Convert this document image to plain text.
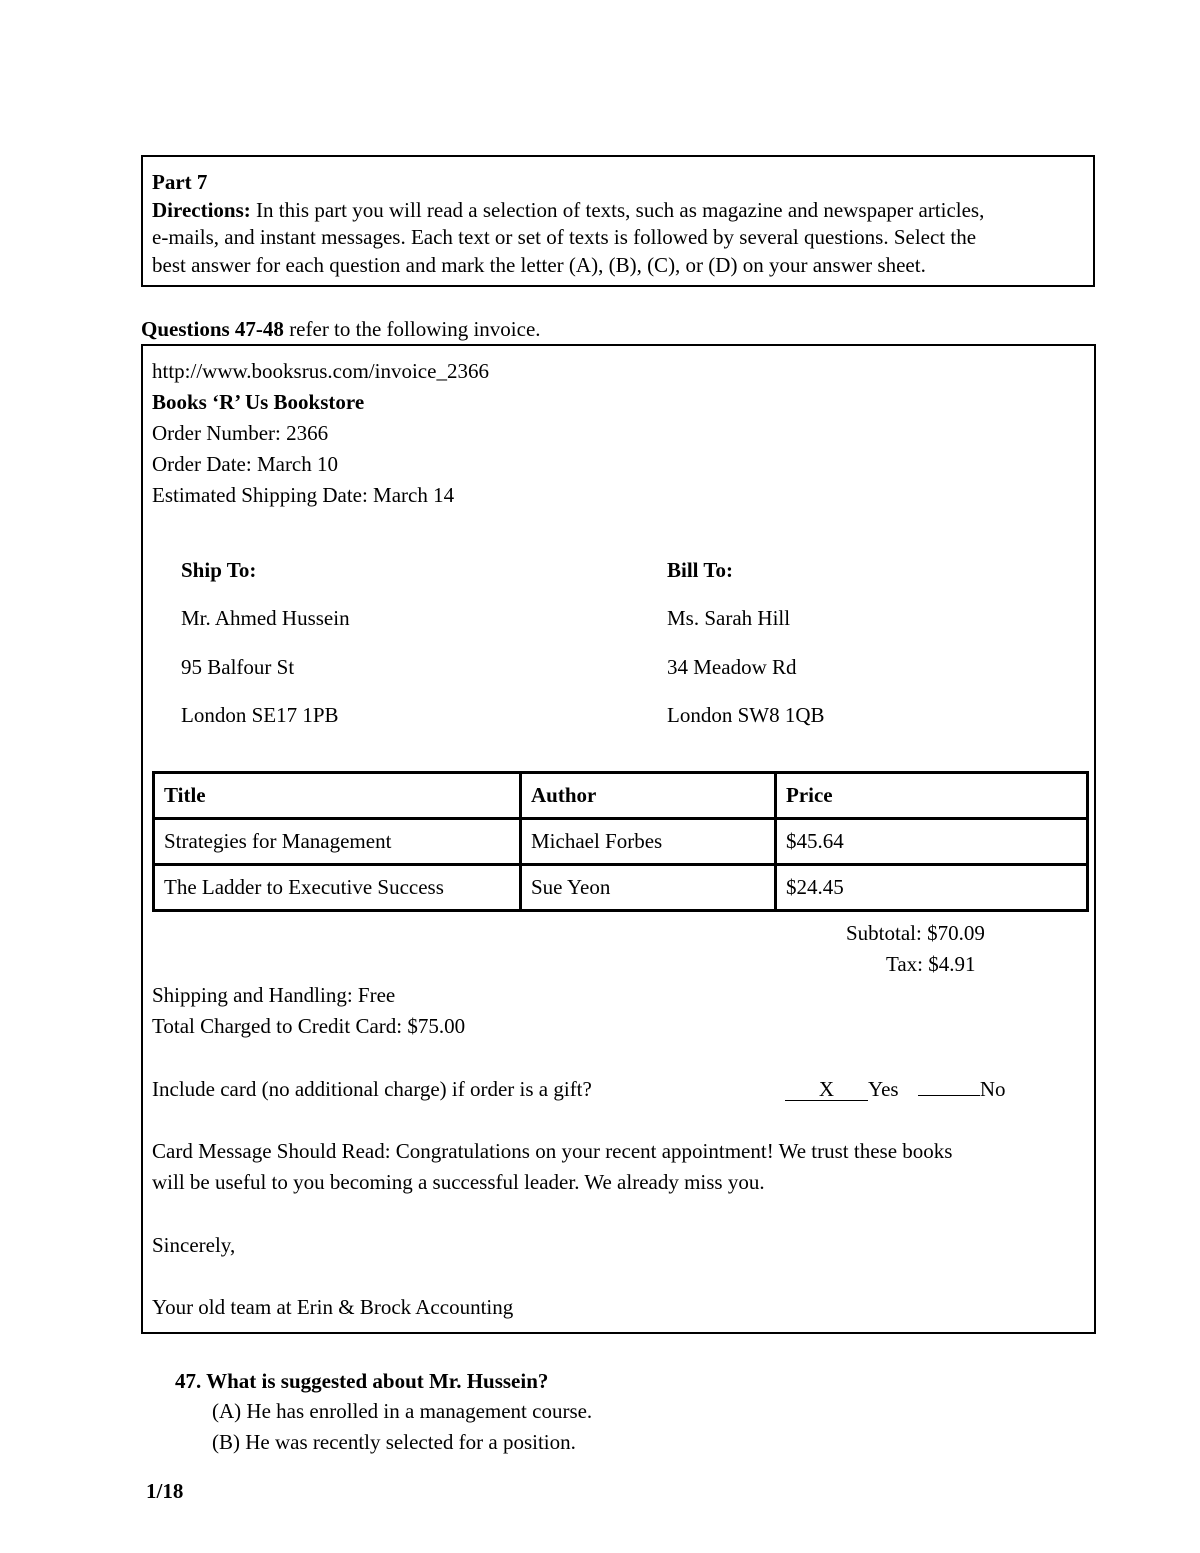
Part 7
Directions: In this part you will read a selection of texts, such as magazine and newspaper articles,
e-mails, and instant messages. Each text or set of texts is followed by several questions. Select the
best answer for each question and mark the letter (A), (B), (C), or (D) on your answer sheet.
Questions 47-48 refer to the following invoice.
http://www.booksrus.com/invoice_2366
Books ‘R’ Us Bookstore
Order Number: 2366
Order Date: March 10
Estimated Shipping Date: March 14
Ship To:
Mr. Ahmed Hussein
95 Balfour St
London SE17 1PB
Bill To:
Ms. Sarah Hill
34 Meadow Rd
London SW8 1QB
Title	Author	Price
Strategies for Management	Michael Forbes	$45.64
The Ladder to Executive Success	Sue Yeon	$24.45
Subtotal: $70.09
Tax: $4.91
Shipping and Handling: Free
Total Charged to Credit Card: $75.00
Include card (no additional charge) if order is a gift?	X Yes	No
Card Message Should Read: Congratulations on your recent appointment! We trust these books
will be useful to you becoming a successful leader. We already miss you.
Sincerely,
Your old team at Erin & Brock Accounting
47. What is suggested about Mr. Hussein?
(A) He has enrolled in a management course.
(B) He was recently selected for a position.
1/18
